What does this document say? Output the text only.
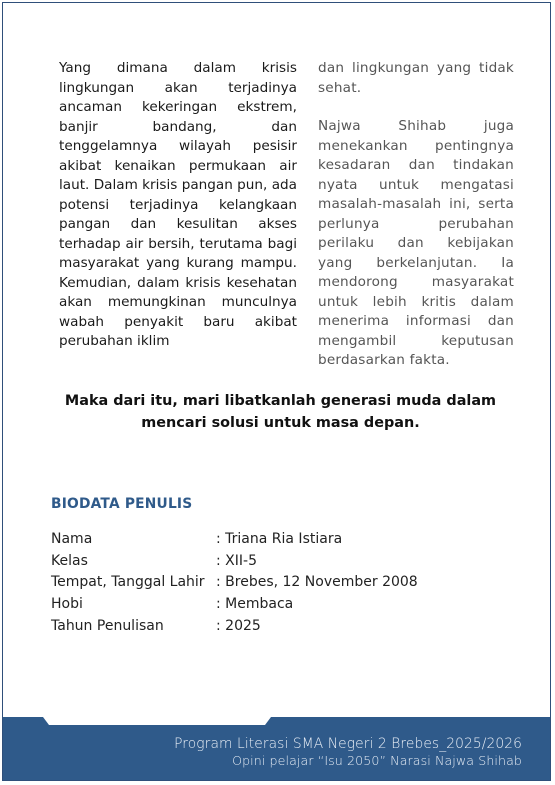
Yang dimana dalam krisis lingkungan akan terjadinya ancaman kekeringan ekstrem, banjir bandang, dan tenggelamnya wilayah pesisir akibat kenaikan permukaan air laut. Dalam krisis pangan pun, ada potensi terjadinya kelangkaan pangan dan kesulitan akses terhadap air bersih, terutama bagi masyarakat yang kurang mampu. Kemudian, dalam krisis kesehatan akan memungkinan munculnya wabah penyakit baru akibat perubahan iklim

dan lingkungan yang tidak sehat.

Najwa Shihab juga menekankan pentingnya kesadaran dan tindakan nyata untuk mengatasi masalah-masalah ini, serta perlunya perubahan perilaku dan kebijakan yang berkelanjutan. Ia mendorong masyarakat untuk lebih kritis dalam menerima informasi dan mengambil keputusan berdasarkan fakta.

Maka dari itu, mari libatkanlah generasi muda dalam mencari solusi untuk masa depan.
BIODATA PENULIS
Nama	: Triana Ria Istiara
Kelas	: XII-5
Tempat, Tanggal Lahir : Brebes, 12 November 2008
Hobi	: Membaca
Tahun Penulisan	: 2025
Program Literasi SMA Negeri 2 Brebes_2025/2026
Opini pelajar “Isu 2050” Narasi Najwa Shihab
